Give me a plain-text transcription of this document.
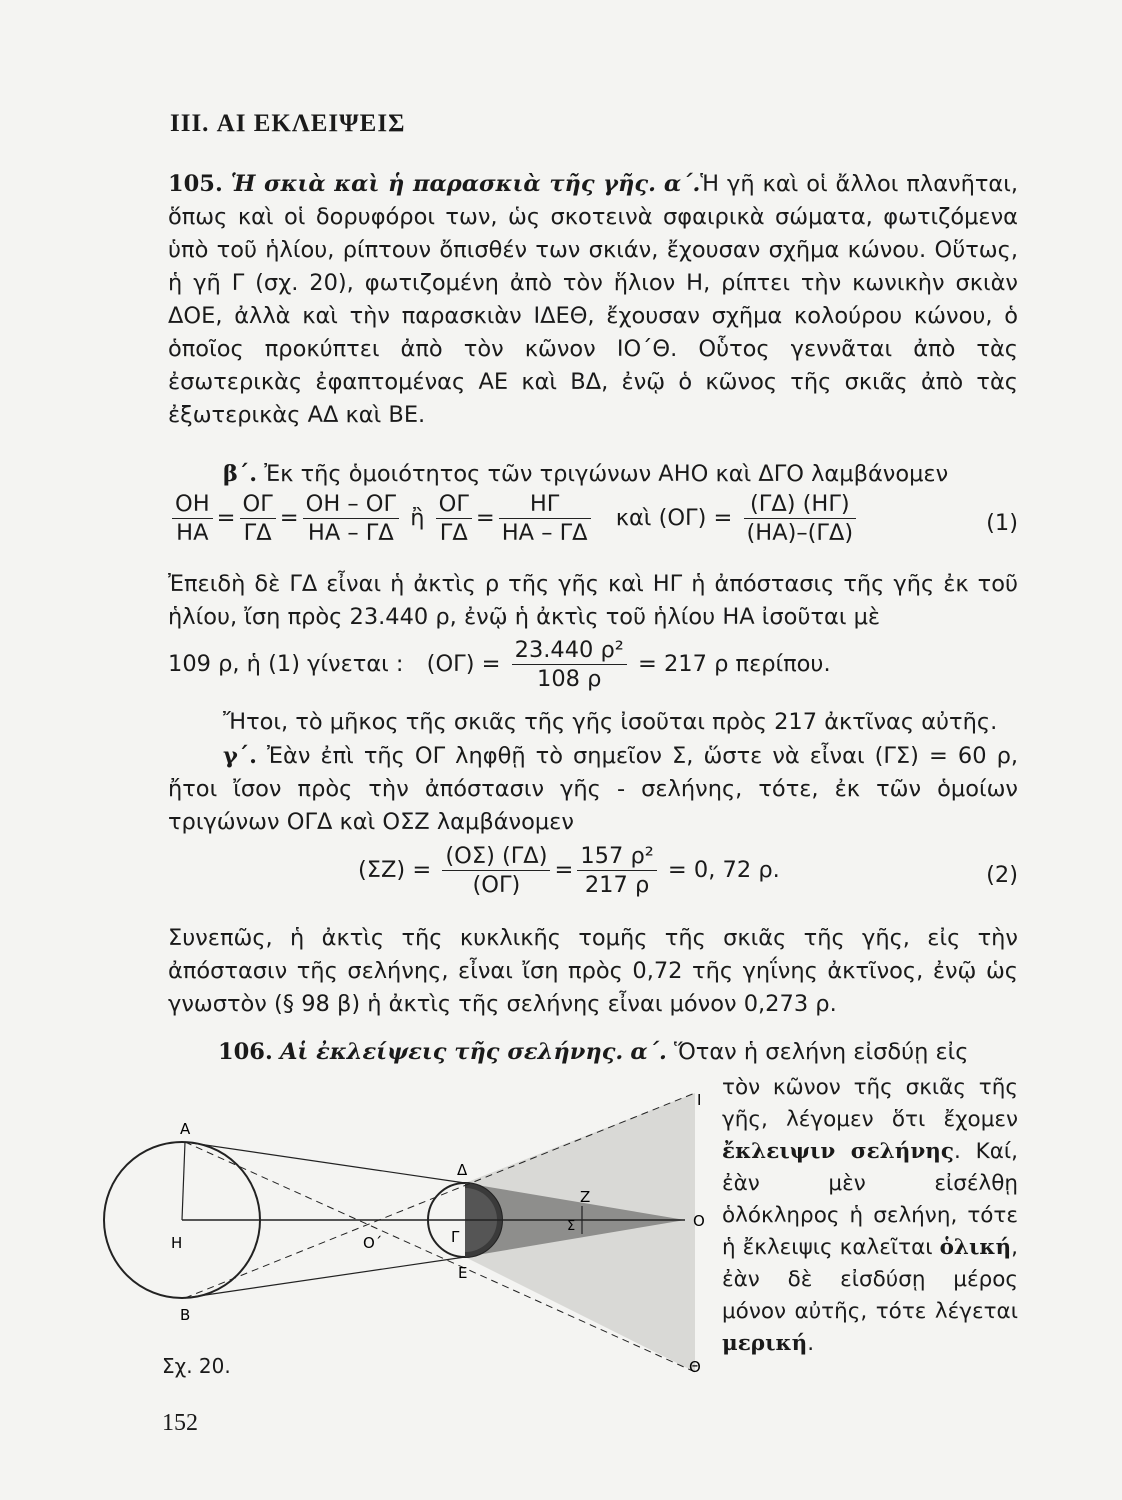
III. ΑΙ ΕΚΛΕΙΨΕΙΣ
105. Ἡ σκιὰ καὶ ἡ παρασκιὰ τῆς γῆς. α΄.Ἡ γῆ καὶ οἱ ἄλλοι πλανῆται, ὅπως καὶ οἱ δορυφόροι των, ὡς σκοτεινὰ σφαιρικὰ σώματα, φωτιζόμενα ὑπὸ τοῦ ἡλίου, ρίπτουν ὄπισθέν των σκιάν, ἔχουσαν σχῆμα κώνου. Οὕτως, ἡ γῆ Γ (σχ. 20), φωτιζομένη ἀπὸ τὸν ἥλιον Η, ρίπτει τὴν κωνικὴν σκιὰν ΔΟΕ, ἀλλὰ καὶ τὴν παρασκιὰν ΙΔΕΘ, ἔχουσαν σχῆμα κολούρου κώνου, ὁ ὁποῖος προκύπτει ἀπὸ τὸν κῶνον ΙΟ΄Θ. Οὗτος γεννᾶται ἀπὸ τὰς ἐσωτερικὰς ἐφαπτομένας ΑΕ καὶ ΒΔ, ἐνῷ ὁ κῶνος τῆς σκιᾶς ἀπὸ τὰς ἐξωτερικὰς ΑΔ καὶ ΒΕ.
β΄. Ἐκ τῆς ὁμοιότητος τῶν τριγώνων ΑΗΟ καὶ ΔΓΟ λαμβάνομεν
$\frac{OH}{HA} = \frac{O\Gamma}{\Gamma\Delta} = \frac{OH - O\Gamma}{HA - \Gamma\Delta}$ ἢ $\frac{O\Gamma}{\Gamma\Delta} = \frac{H\Gamma}{HA - \Gamma\Delta}$ καὶ $(O\Gamma) = \frac{(\Gamma\Delta) (H\Gamma)}{(HA)-(\Gamma\Delta)}$	(1)
Ἐπειδὴ δὲ ΓΔ εἶναι ἡ ἀκτὶς ρ τῆς γῆς καὶ ΗΓ ἡ ἀπόστασις τῆς γῆς ἐκ τοῦ ἡλίου, ἴση πρὸς 23.440 ρ, ἐνῷ ἡ ἀκτὶς τοῦ ἡλίου ΗΑ ἰσοῦται μὲ
109 ρ, ἡ (1) γίνεται : $(O\Gamma) = \frac{\text{23.440 ρ²}}{108 \rho} = 217$ ρ περίπου.
Ἤτοι, τὸ μῆκος τῆς σκιᾶς τῆς γῆς ἰσοῦται πρὸς 217 ἀκτῖνας αὐτῆς.
γ΄. Ἐὰν ἐπὶ τῆς ΟΓ ληφθῇ τὸ σημεῖον Σ, ὥστε νὰ εἶναι (ΓΣ) = 60 ρ, ἤτοι ἴσον πρὸς τὴν ἀπόστασιν γῆς - σελήνης, τότε, ἐκ τῶν ὁμοίων τριγώνων ΟΓΔ καὶ ΟΣΖ λαμβάνομεν
$(\Sigma Z) = \frac{(O\Sigma) (\Gamma\Delta)}{(O\Gamma)} = \frac{\text{157 ρ²}}{217 \rho} = 0$, 72 ρ.	(2)
Συνεπῶς, ἡ ἀκτὶς τῆς κυκλικῆς τομῆς τῆς σκιᾶς τῆς γῆς, εἰς τὴν ἀπόστασιν τῆς σελήνης, εἶναι ἴση πρὸς 0,72 τῆς γηΐνης ἀκτῖνος, ἐνῷ ὡς γνωστὸν (§ 98 β) ἡ ἀκτὶς τῆς σελήνης εἶναι μόνον 0,273 ρ.
106. Αἱ ἐκλείψεις τῆς σελήνης. α΄. Ὅταν ἡ σελήνη εἰσδύῃ εἰς
τὸν κῶνον τῆς σκιᾶς τῆς γῆς, λέγομεν ὅτι ἔχομεν ἔκλειψιν σελήνης. Καί, ἐὰν μὲν εἰσέλθῃ ὁλόκληρος ἡ σελήνη, τότε ἡ ἔκλειψις καλεῖται ὁλική, ἐὰν δὲ εἰσδύσῃ μέρος μόνον αὐτῆς, τότε λέγεται μερική.
Α
Β
Η	Ο΄	Γ
Δ
Ε
Ζ
Σ	Ο
Ι
Θ
Σχ. 20.
152
